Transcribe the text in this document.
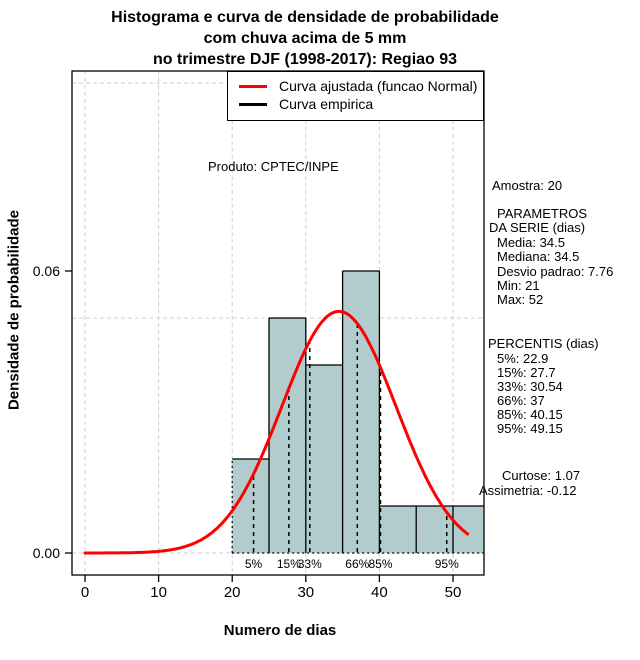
0	10	20	30	40	50
0.00
0.06
5% 15%
33% 66% 85%	95%
Histograma e curva de densidade de probabilidade
com chuva acima de 5 mm
no trimestre DJF (1998-2017): Regiao 93
Densidade de probabilidade
Numero de dias
Produto: CPTEC/INPE
Curva ajustada (funcao Normal)
Curva empirica
Amostra: 20
PARAMETROS
DA SERIE (dias)
Media: 34.5
Mediana: 34.5
Desvio padrao: 7.76
Min: 21
Max: 52
PERCENTIS (dias)
5%: 22.9
15%: 27.7
33%: 30.54
66%: 37
85%: 40.15
95%: 49.15
Curtose: 1.07
Assimetria: -0.12
